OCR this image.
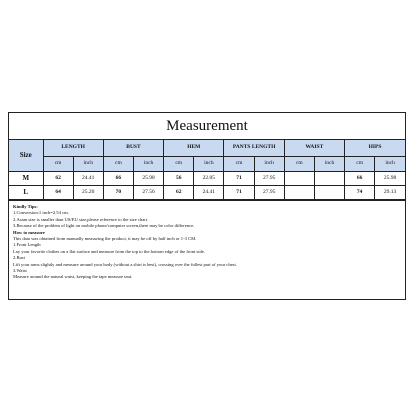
Measurement
Size	LENGTH		BUST		HEM		PANTS LENGTH		WAIST		HIPS	
	cm	inch	cm	inch	cm	inch	cm	inch	cm	inch	cm	inch
M	62	24.41	66	25.98	56	22.05	71	27.95			66	25.98
L	64	25.20	70	27.56	62	24.41	71	27.95			74	29.13
Kindly Tips:
1.Conversion:1 inch=2.54 cm.
2.Asian size is smaller than US/EU size,please reference to the size chart.
3.Because of the problem of light on mobile phone/computer screen,there may be color difference.
How to measure
This data was obtained from manually measuring the product, it may be off by half inch or 1-3 CM.
1.Front Length
Lay your favorite clothes on a flat surface and measure from the top to the bottom edge of the front side.
2.Bust
Lift your arms slightly and measure around your body (without a shirt is best), crossing over the fullest part of your chest.
3.Waist
Measure around the natural waist, keeping the tape measure taut.
